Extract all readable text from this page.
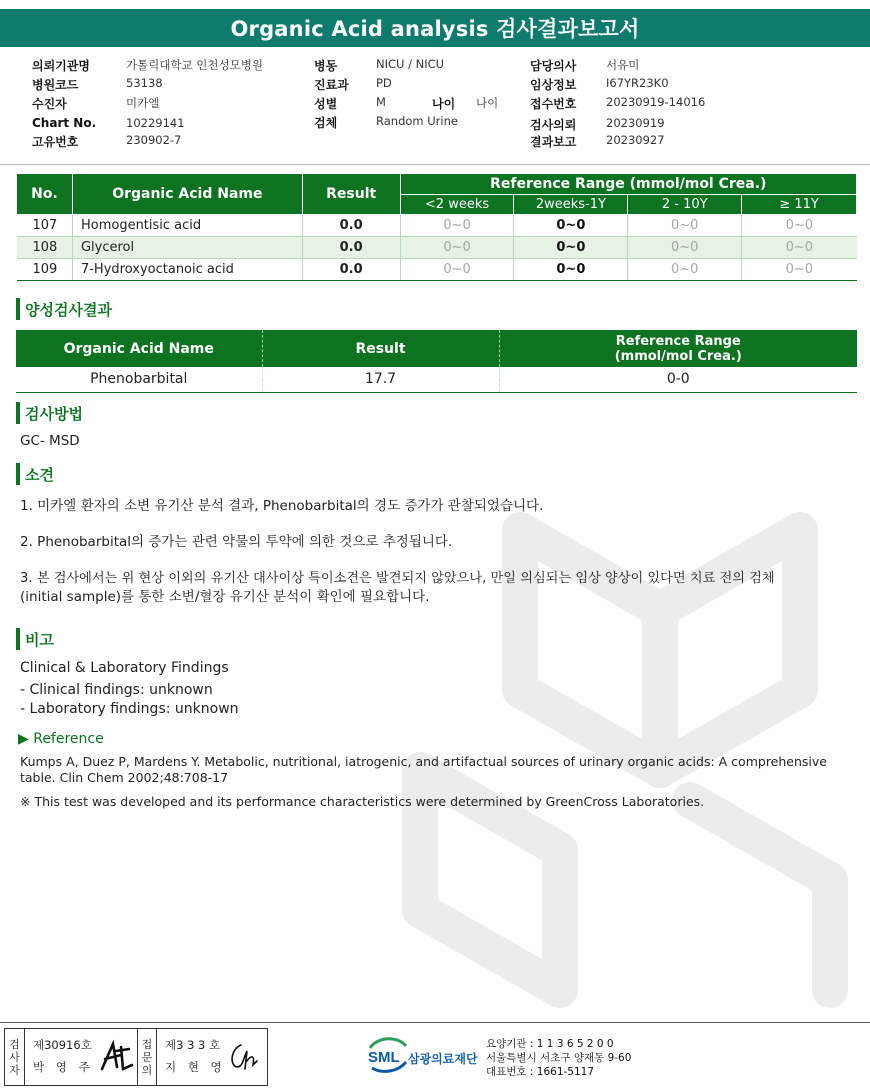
Organic Acid analysis 검사결과보고서
의뢰기관명	가톨릭대학교 인천성모병원
병원코드	53138
수진자	미카엘
Chart No.	10229141
고유번호	230902-7
병동	NICU / NICU
진료과 PD
성별	M	나이 나이
검체	Random Urine
담당의사	서유미
임상정보	I67YR23K0
접수번호	20230919-14016
검사의뢰	20230919
결과보고	20230927
No.	Organic Acid Name	Result	Reference Range (mmol/mol Crea.)			
			<2 weeks	2weeks-1Y	2 - 10Y	≥ 11Y
107	Homogentisic acid	0.0	0~0	0~0	0~0	0~0
108	Glycerol	0.0	0~0	0~0	0~0	0~0
109	7-Hydroxyoctanoic acid	0.0	0~0	0~0	0~0	0~0
양성검사결과
Organic Acid Name	Result	Reference Range
(mmol/mol Crea.)
Phenobarbital	17.7	0-0
검사방법
GC- MSD
소견
1. 미카엘 환자의 소변 유기산 분석 결과, Phenobarbital의 경도 증가가 관찰되었습니다.
2. Phenobarbital의 증가는 관련 약물의 투약에 의한 것으로 추정됩니다.
3. 본 검사에서는 위 현상 이외의 유기산 대사이상 특이소견은 발견되지 않았으나, 만일 의심되는 임상 양상이 있다면 치료 전의 검체
(initial sample)를 통한 소변/혈장 유기산 분석이 확인에 필요합니다.
비고
Clinical & Laboratory Findings
- Clinical findings: unknown
- Laboratory findings: unknown
▶ Reference
Kumps A, Duez P, Mardens Y. Metabolic, nutritional, iatrogenic, and artifactual sources of urinary organic acids: A comprehensive table. Clin Chem 2002;48:708-17
※ This test was developed and its performance characteristics were determined by GreenCross Laboratories.
검
사
자
제30916호
박 영 주
접
문
의
제3 3 3 호
지 현 영
SML 삼광의료재단
요양기관 : 1 1 3 6 5 2 0 0
서울특별시 서초구 양재동 9-60
대표번호 : 1661-5117
